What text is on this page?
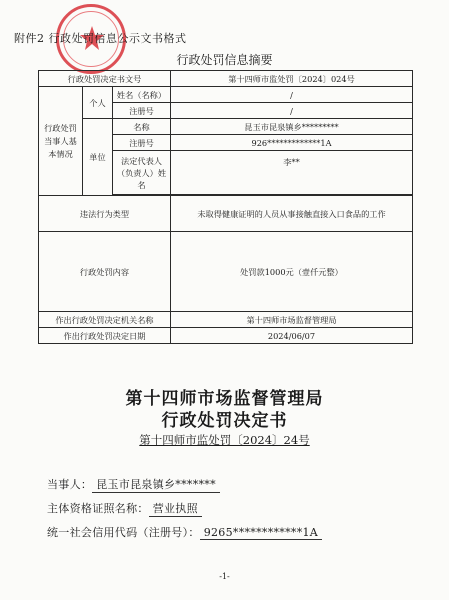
附件2 行政处罚信息公示文书格式
行政处罚信息摘要
行政处罚决定书文号			第十四师市监处罚〔2024〕024号
行政处罚当事人基本情况	个人	姓名（名称）	/
		注册号	/
	单位	名称	昆玉市昆泉镇乡*********
		注册号	926*************1A
		法定代表人（负责人）姓名	李**

违法行为类型			未取得健康证明的人员从事接触直接入口食品的工作
行政处罚内容			处罚款1000元（壹仟元整）
作出行政处罚决定机关名称			第十四师市场监督管理局
作出行政处罚决定日期			2024/06/07
第十四师市场监督管理局
行政处罚决定书
第十四师市监处罚〔2024〕24号
当事人： 昆玉市昆泉镇乡*******
主体资格证照名称： 营业执照
统一社会信用代码（注册号）： 9265************1A
-1-
